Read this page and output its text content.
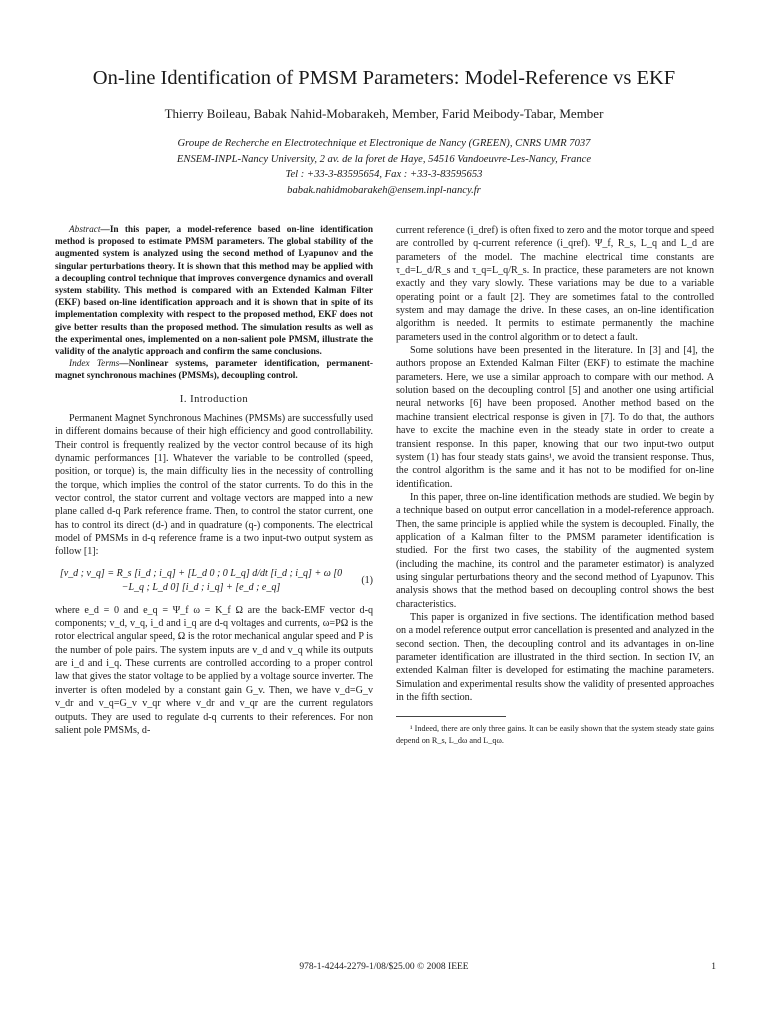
On-line Identification of PMSM Parameters: Model-Reference vs EKF
Thierry Boileau, Babak Nahid-Mobarakeh, Member, Farid Meibody-Tabar, Member
Groupe de Recherche en Electrotechnique et Electronique de Nancy (GREEN), CNRS UMR 7037
ENSEM-INPL-Nancy University, 2 av. de la foret de Haye, 54516 Vandoeuvre-Les-Nancy, France
Tel : +33-3-83595654, Fax : +33-3-83595653
babak.nahidmobarakeh@ensem.inpl-nancy.fr

Abstract—In this paper, a model-reference based on-line identification method is proposed to estimate PMSM parameters. The global stability of the augmented system is analyzed using the second method of Lyapunov and the singular perturbations theory. It is shown that this method may be applied with a decoupling control technique that improves convergence dynamics and overall system stability. This method is compared with an Extended Kalman Filter (EKF) based on-line identification approach and it is shown that in spite of its implementation complexity with respect to the proposed method, EKF does not give better results than the proposed method. The simulation results as well as the experimental ones, implemented on a non-salient pole PMSM, illustrate the validity of the analytic approach and confirm the same conclusions.

Index Terms—Nonlinear systems, parameter identification, permanent-magnet synchronous machines (PMSMs), decoupling control.

I. Introduction

Permanent Magnet Synchronous Machines (PMSMs) are successfully used in different domains because of their high efficiency and good controllability. Their control is frequently realized by the vector control because of its high dynamic performances [1]. Whatever the variable to be controlled (speed, position, or torque) is, the main difficulty lies in the necessity of controlling the torque, which implies the control of the stator currents. To do this in the vector control, the stator current and voltage vectors are mapped into a new plane called d-q Park reference frame. Then, to control the stator current, one has to control its direct (d-) and in quadrature (q-) components. The electrical model of PMSMs in d-q reference frame is a two input-two output system as follow [1]:

[v_d ; v_q] = R_s [i_d ; i_q] + [L_d 0 ; 0 L_q] d/dt [i_d ; i_q] + ω [0 −L_q ; L_d 0] [i_d ; i_q] + [e_d ; e_q]
(1)

where e_d = 0 and e_q = Ψ_f ω = K_f Ω are the back-EMF vector d-q components; v_d, v_q, i_d and i_q are d-q voltages and currents, ω=PΩ is the rotor electrical angular speed, Ω is the rotor mechanical angular speed and P is the number of pole pairs. The system inputs are v_d and v_q while its outputs are i_d and i_q. These currents are controlled according to a proper control law that gives the stator voltage to be applied by a voltage source inverter. The inverter is often modeled by a constant gain G_v. Then, we have v_d=G_v v_dr and v_q=G_v v_qr where v_dr and v_qr are the current regulators outputs. They are used to regulate d-q currents to their references. For non salient pole PMSMs, d-

current reference (i_dref) is often fixed to zero and the motor torque and speed are controlled by q-current reference (i_qref). Ψ_f, R_s, L_q and L_d are parameters of the model. The machine electrical time constants are τ_d=L_d/R_s and τ_q=L_q/R_s. In practice, these parameters are not known exactly and they vary slowly. These variations may be due to a variable operating point or a fault [2]. They are sometimes fatal to the controlled system and may damage the drive. In these cases, an on-line identification algorithm is needed. It permits to estimate permanently the machine parameters used in the control algorithm or to detect a fault.

Some solutions have been presented in the literature. In [3] and [4], the authors propose an Extended Kalman Filter (EKF) to estimate the machine parameters. Here, we use a similar approach to compare with our method. A solution based on the decoupling control [5] and another one using artificial neural networks [6] have been proposed. Another method based on the machine transient electrical response is given in [7]. To do that, the authors have to excite the machine even in the steady state in order to create a transient response. In this paper, knowing that our two input-two output system (1) has four steady stats gains¹, we avoid the transient response. Thus, the control algorithm is the same and it has not to be modified for on-line identification.

In this paper, three on-line identification methods are studied. We begin by a technique based on output error cancellation in a model-reference approach. Then, the same principle is applied while the system is decoupled. Finally, the application of a Kalman filter to the PMSM parameter identification is studied. For the first two cases, the stability of the augmented system (including the machine, its control and the parameter estimator) is analyzed using singular perturbations theory and the second method of Lyapunov. This analysis shows that the method based on decoupling control shows the best characteristics.

This paper is organized in five sections. The identification method based on a model reference output error cancellation is presented and analyzed in the second section. Then, the decoupling control and its advantages in on-line parameter identification are illustrated in the third section. In section IV, an extended Kalman filter is developed for estimating the machine parameters. Simulation and experimental results show the validity of presented approaches in the fifth section.

¹ Indeed, there are only three gains. It can be easily shown that the system steady state gains depend on R_s, L_dω and L_qω.

978-1-4244-2279-1/08/$25.00 © 2008 IEEE	1
